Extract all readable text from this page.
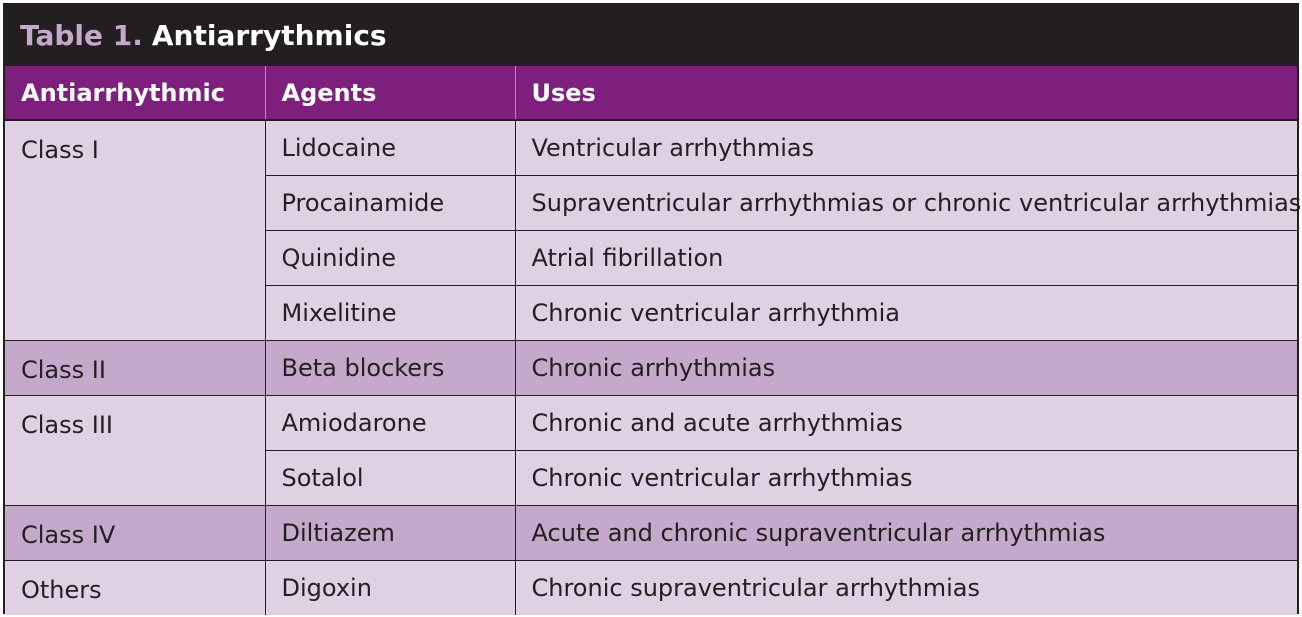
Table 1. Antiarrythmics
Antiarrhythmic	Agents	Uses
Class I	Lidocaine	Ventricular arrhythmias
	Procainamide	Supraventricular arrhythmias or chronic ventricular arrhythmias
	Quinidine	Atrial fibrillation
	Mixelitine	Chronic ventricular arrhythmia
Class II	Beta blockers	Chronic arrhythmias
Class III	Amiodarone	Chronic and acute arrhythmias
	Sotalol	Chronic ventricular arrhythmias
Class IV	Diltiazem	Acute and chronic supraventricular arrhythmias
Others	Digoxin	Chronic supraventricular arrhythmias
